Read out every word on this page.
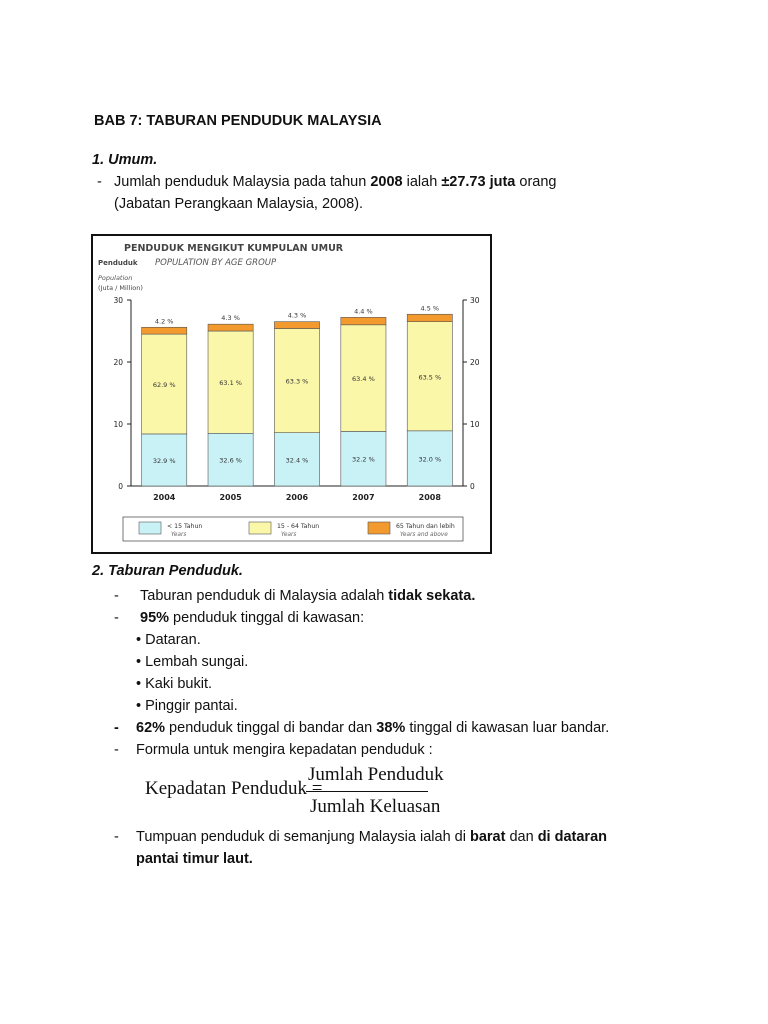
BAB 7: TABURAN PENDUDUK MALAYSIA
1. Umum.
- Jumlah penduduk Malaysia pada tahun 2008 ialah ±27.73 juta orang
(Jabatan Perangkaan Malaysia, 2008).
PENDUDUK MENGIKUT KUMPULAN UMUR
POPULATION BY AGE GROUP
Penduduk
Population
(Juta / Million)
0	0
10	10
20	20
30	30
32.9 %
62.9 %
4.2 %
2004
32.6 %
63.1 %
4.3 %
2005
32.4 %
63.3 %
4.3 %
2006
32.2 %
63.4 %
4.4 %
2007
32.0 %
63.5 %
4.5 %
2008
< 15 Tahun
Years
15 - 64 Tahun
Years
65 Tahun dan lebih
Years and above
2. Taburan Penduduk.
- Taburan penduduk di Malaysia adalah tidak sekata.
- 95% penduduk tinggal di kawasan:
• Dataran.
• Lembah sungai.
• Kaki bukit.
• Pinggir pantai.
- 62% penduduk tinggal di bandar dan 38% tinggal di kawasan luar bandar.
- Formula untuk mengira kepadatan penduduk :
Kepadatan Penduduk =
Jumlah Penduduk
Jumlah Keluasan
- Tumpuan penduduk di semanjung Malaysia ialah di barat dan di dataran
pantai timur laut.
